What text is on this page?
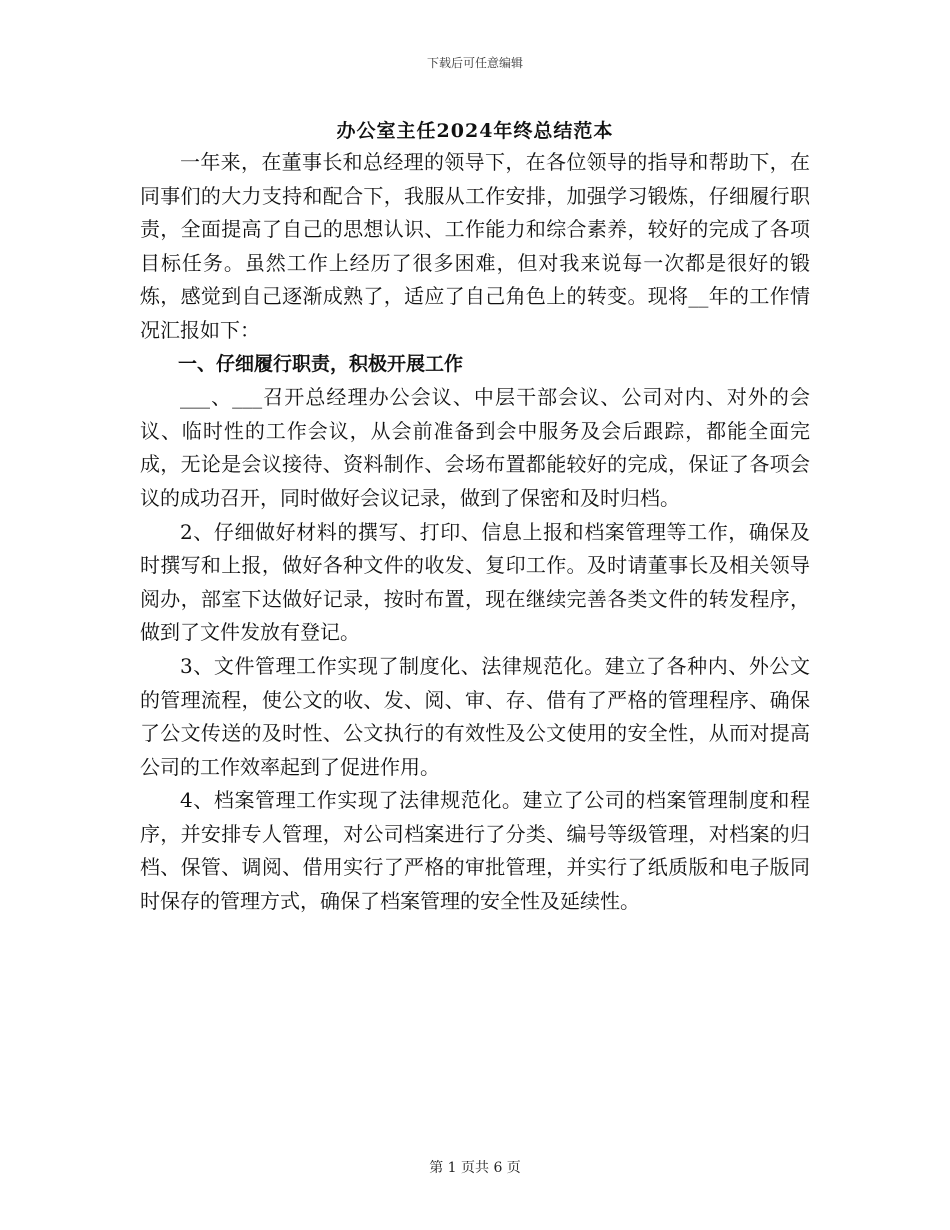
下载后可任意编辑
办公室主任2024年终总结范本

一年来，在董事长和总经理的领导下，在各位领导的指导和帮助下，在同事们的大力支持和配合下，我服从工作安排，加强学习锻炼，仔细履行职责，全面提高了自己的思想认识、工作能力和综合素养，较好的完成了各项目标任务。虽然工作上经历了很多困难，但对我来说每一次都是很好的锻炼，感觉到自己逐渐成熟了，适应了自己角色上的转变。现将__年的工作情况汇报如下：

一、仔细履行职责，积极开展工作

___、___召开总经理办公会议、中层干部会议、公司对内、对外的会议、临时性的工作会议，从会前准备到会中服务及会后跟踪，都能全面完成，无论是会议接待、资料制作、会场布置都能较好的完成，保证了各项会议的成功召开，同时做好会议记录，做到了保密和及时归档。

2、仔细做好材料的撰写、打印、信息上报和档案管理等工作，确保及时撰写和上报，做好各种文件的收发、复印工作。及时请董事长及相关领导阅办，部室下达做好记录，按时布置，现在继续完善各类文件的转发程序，做到了文件发放有登记。

3、文件管理工作实现了制度化、法律规范化。建立了各种内、外公文的管理流程，使公文的收、发、阅、审、存、借有了严格的管理程序、确保了公文传送的及时性、公文执行的有效性及公文使用的安全性，从而对提高公司的工作效率起到了促进作用。

4、档案管理工作实现了法律规范化。建立了公司的档案管理制度和程序，并安排专人管理，对公司档案进行了分类、编号等级管理，对档案的归档、保管、调阅、借用实行了严格的审批管理，并实行了纸质版和电子版同时保存的管理方式，确保了档案管理的安全性及延续性。

第 1 页共 6 页
